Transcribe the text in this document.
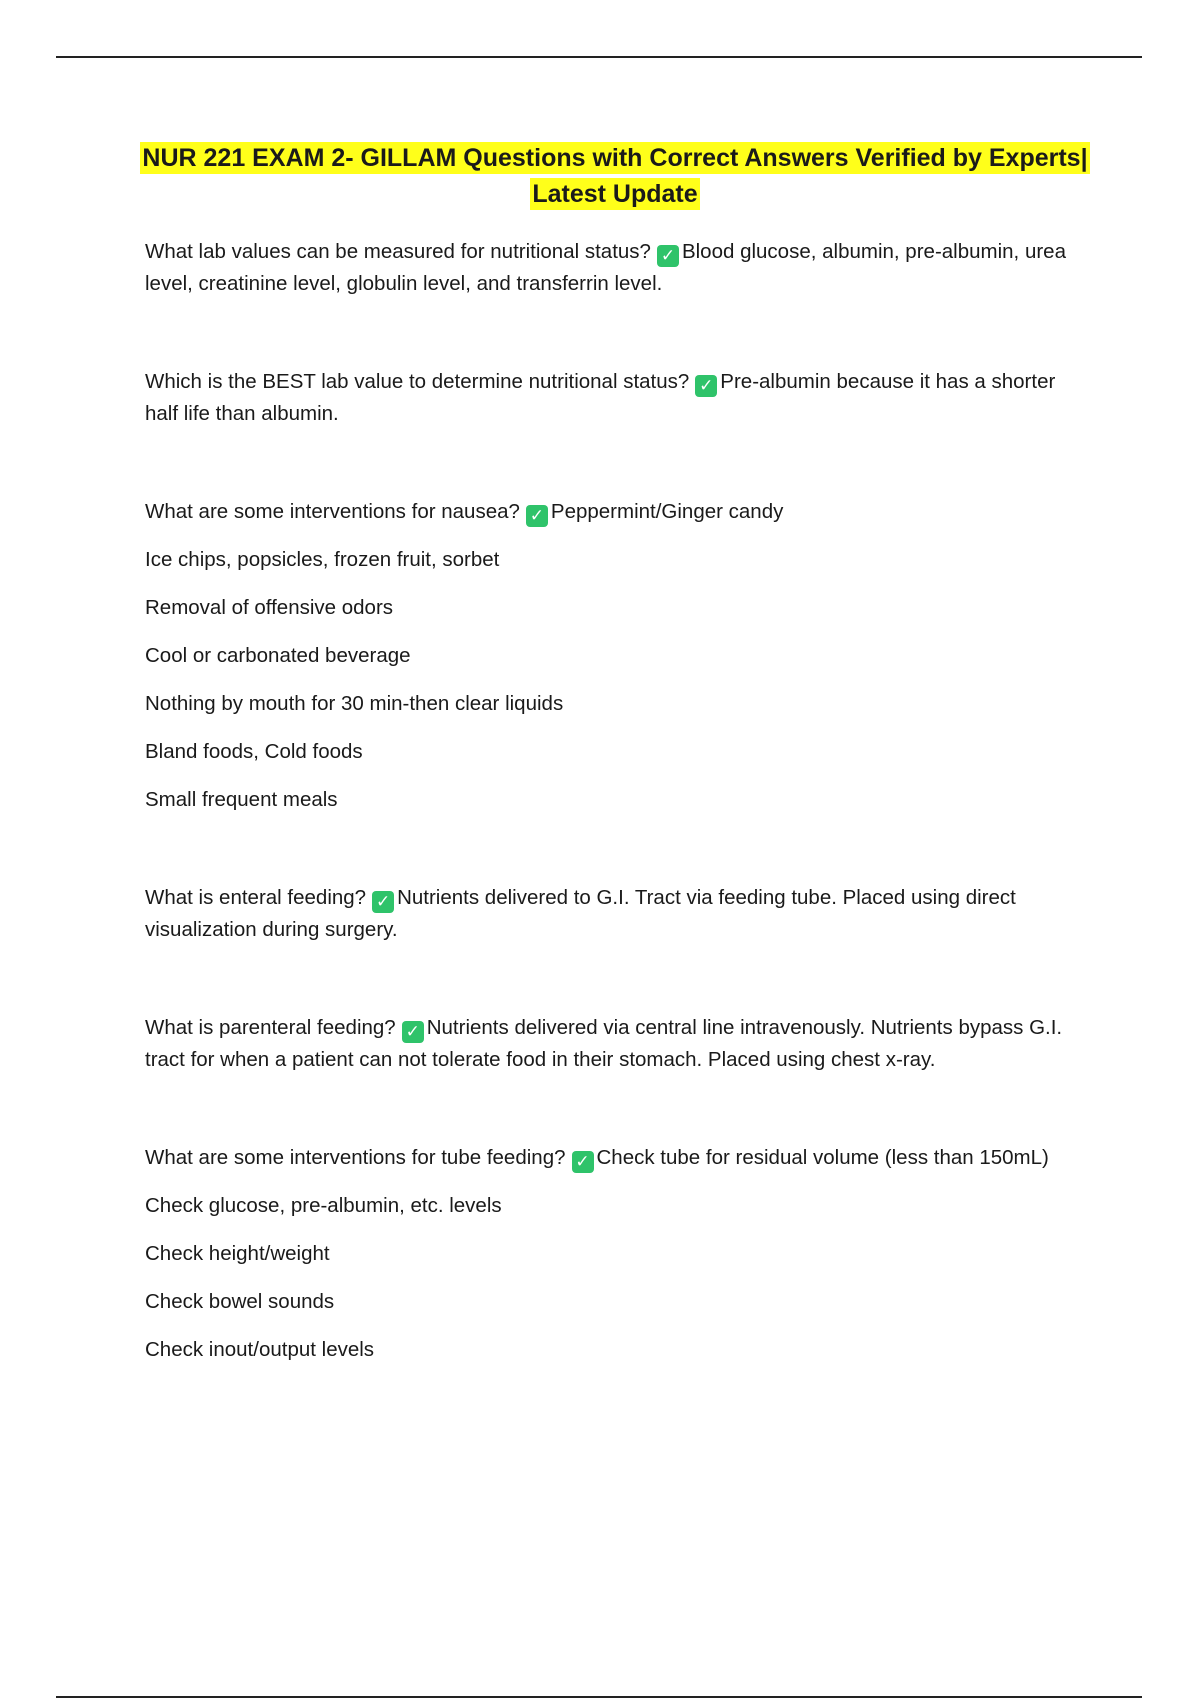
NUR 221 EXAM 2- GILLAM Questions with Correct Answers Verified by Experts| Latest Update

What lab values can be measured for nutritional status? ✓ Blood glucose, albumin, pre-albumin, urea level, creatinine level, globulin level, and transferrin level.

Which is the BEST lab value to determine nutritional status? ✓ Pre-albumin because it has a shorter half life than albumin.

What are some interventions for nausea? ✓ Peppermint/Ginger candy

Ice chips, popsicles, frozen fruit, sorbet

Removal of offensive odors

Cool or carbonated beverage

Nothing by mouth for 30 min-then clear liquids

Bland foods, Cold foods

Small frequent meals

What is enteral feeding? ✓ Nutrients delivered to G.I. Tract via feeding tube. Placed using direct visualization during surgery.

What is parenteral feeding? ✓ Nutrients delivered via central line intravenously. Nutrients bypass G.I. tract for when a patient can not tolerate food in their stomach. Placed using chest x-ray.

What are some interventions for tube feeding? ✓ Check tube for residual volume (less than 150mL)

Check glucose, pre-albumin, etc. levels

Check height/weight

Check bowel sounds

Check inout/output levels
